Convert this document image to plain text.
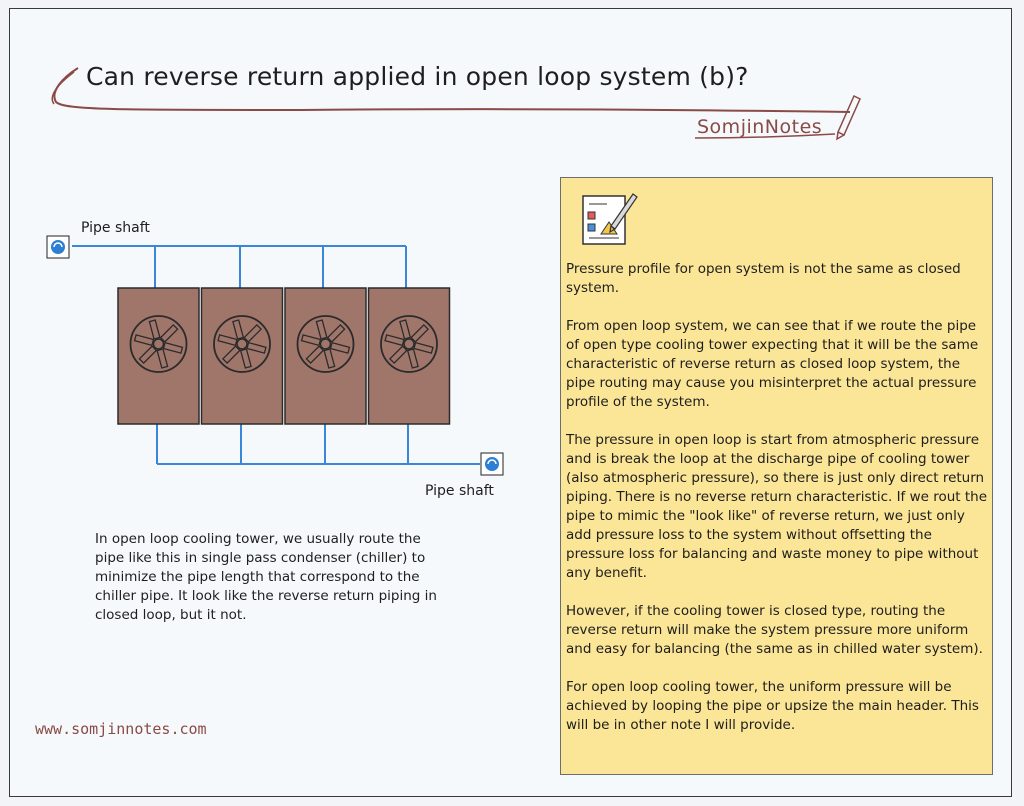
Can reverse return applied in open loop system (b)?
SomjinNotes
Pipe shaft
Pipe shaft
In open loop cooling tower, we usually route the pipe like this in single pass condenser (chiller) to minimize the pipe length that correspond to the chiller pipe. It look like the reverse return piping in closed loop, but it not.
www.somjinnotes.com

Pressure profile for open system is not the same as closed system.

From open loop system, we can see that if we route the pipe of open type cooling tower expecting that it will be the same characteristic of reverse return as closed loop system, the pipe routing may cause you misinterpret the actual pressure profile of the system.

The pressure in open loop is start from atmospheric pressure and is break the loop at the discharge pipe of cooling tower (also atmospheric pressure), so there is just only direct return piping. There is no reverse return characteristic. If we rout the pipe to mimic the "look like" of reverse return, we just only add pressure loss to the system without offsetting the pressure loss for balancing and waste money to pipe without any benefit.

However, if the cooling tower is closed type, routing the reverse return will make the system pressure more uniform and easy for balancing (the same as in chilled water system).

For open loop cooling tower, the uniform pressure will be achieved by looping the pipe or upsize the main header. This will be in other note I will provide.
